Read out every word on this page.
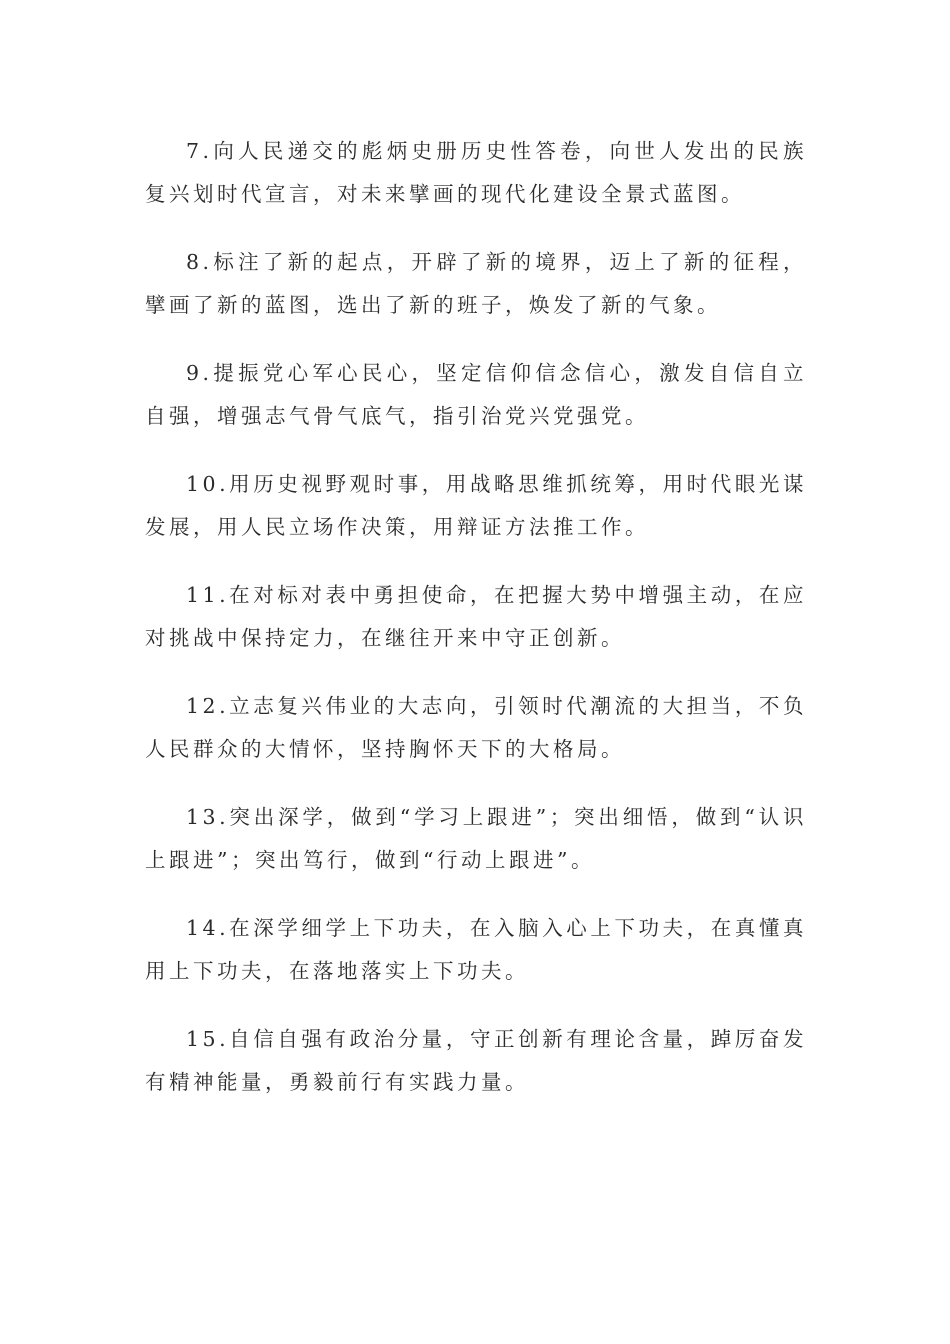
7.向人民递交的彪炳史册历史性答卷，向世人发出的民族复兴划时代宣言，对未来擘画的现代化建设全景式蓝图。

8.标注了新的起点，开辟了新的境界，迈上了新的征程，擘画了新的蓝图，选出了新的班子，焕发了新的气象。

9.提振党心军心民心，坚定信仰信念信心，激发自信自立自强，增强志气骨气底气，指引治党兴党强党。

10.用历史视野观时事，用战略思维抓统筹，用时代眼光谋发展，用人民立场作决策，用辩证方法推工作。

11.在对标对表中勇担使命，在把握大势中增强主动，在应对挑战中保持定力，在继往开来中守正创新。

12.立志复兴伟业的大志向，引领时代潮流的大担当，不负人民群众的大情怀，坚持胸怀天下的大格局。

13.突出深学，做到“学习上跟进”；突出细悟，做到“认识上跟进”；突出笃行，做到“行动上跟进”。

14.在深学细学上下功夫，在入脑入心上下功夫，在真懂真用上下功夫，在落地落实上下功夫。

15.自信自强有政治分量，守正创新有理论含量，踔厉奋发有精神能量，勇毅前行有实践力量。
